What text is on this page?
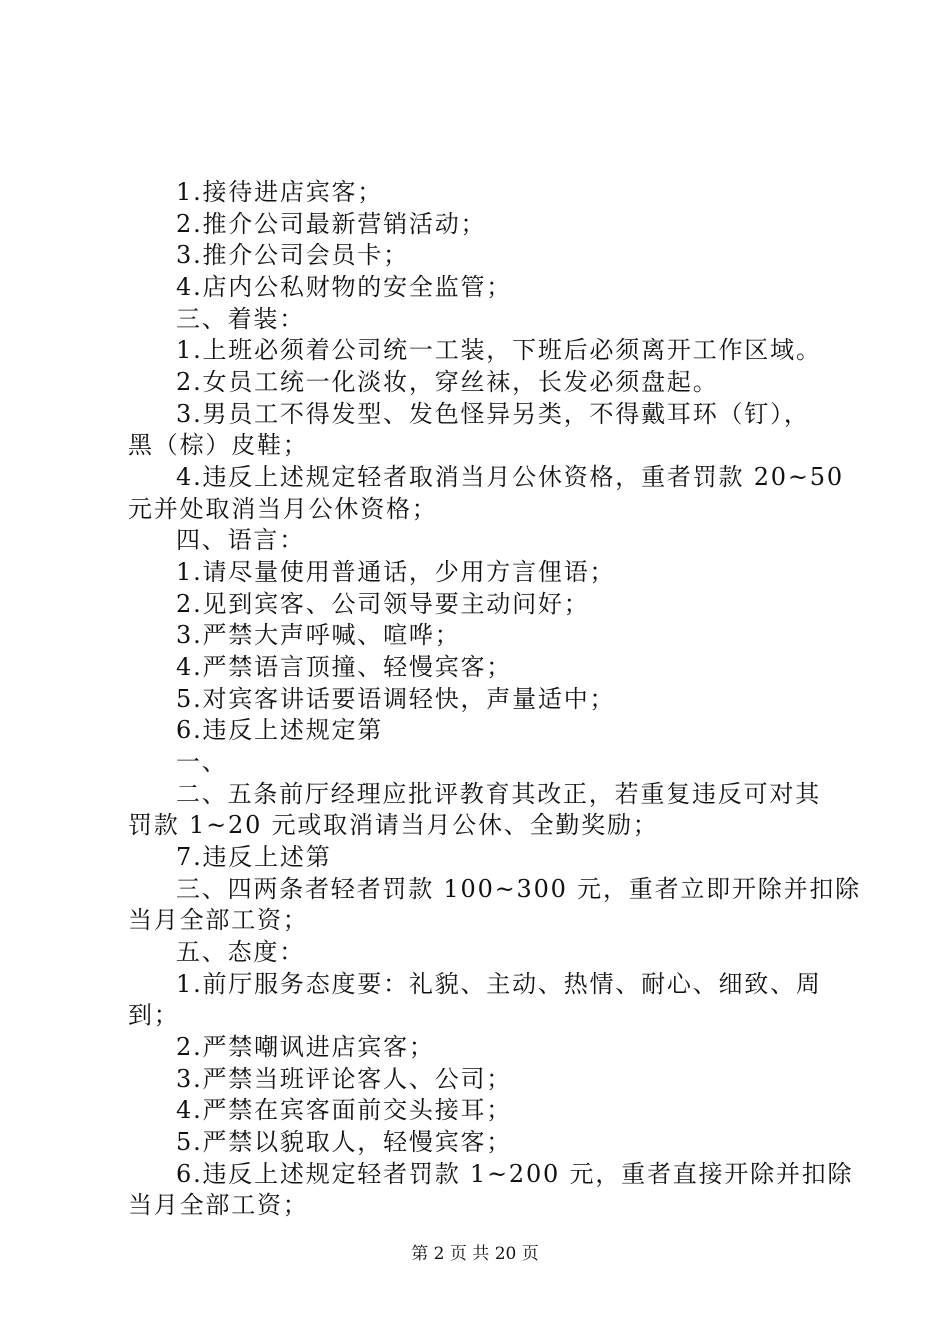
1.接待进店宾客；
2.推介公司最新营销活动；
3.推介公司会员卡；
4.店内公私财物的安全监管；
三、着装：
1.上班必须着公司统一工装，下班后必须离开工作区域。
2.女员工统一化淡妆，穿丝袜，长发必须盘起。
3.男员工不得发型、发色怪异另类，不得戴耳环（钉），
黑（棕）皮鞋；
4.违反上述规定轻者取消当月公休资格，重者罚款 20~50
元并处取消当月公休资格；
四、语言：
1.请尽量使用普通话，少用方言俚语；
2.见到宾客、公司领导要主动问好；
3.严禁大声呼喊、喧哗；
4.严禁语言顶撞、轻慢宾客；
5.对宾客讲话要语调轻快，声量适中；
6.违反上述规定第
一、
二、五条前厅经理应批评教育其改正，若重复违反可对其
罚款 1~20 元或取消请当月公休、全勤奖励；
7.违反上述第
三、四两条者轻者罚款 100~300 元，重者立即开除并扣除
当月全部工资；
五、态度：
1.前厅服务态度要：礼貌、主动、热情、耐心、细致、周
到；
2.严禁嘲讽进店宾客；
3.严禁当班评论客人、公司；
4.严禁在宾客面前交头接耳；
5.严禁以貌取人，轻慢宾客；
6.违反上述规定轻者罚款 1~200 元，重者直接开除并扣除
当月全部工资；
第 2 页 共 20 页
